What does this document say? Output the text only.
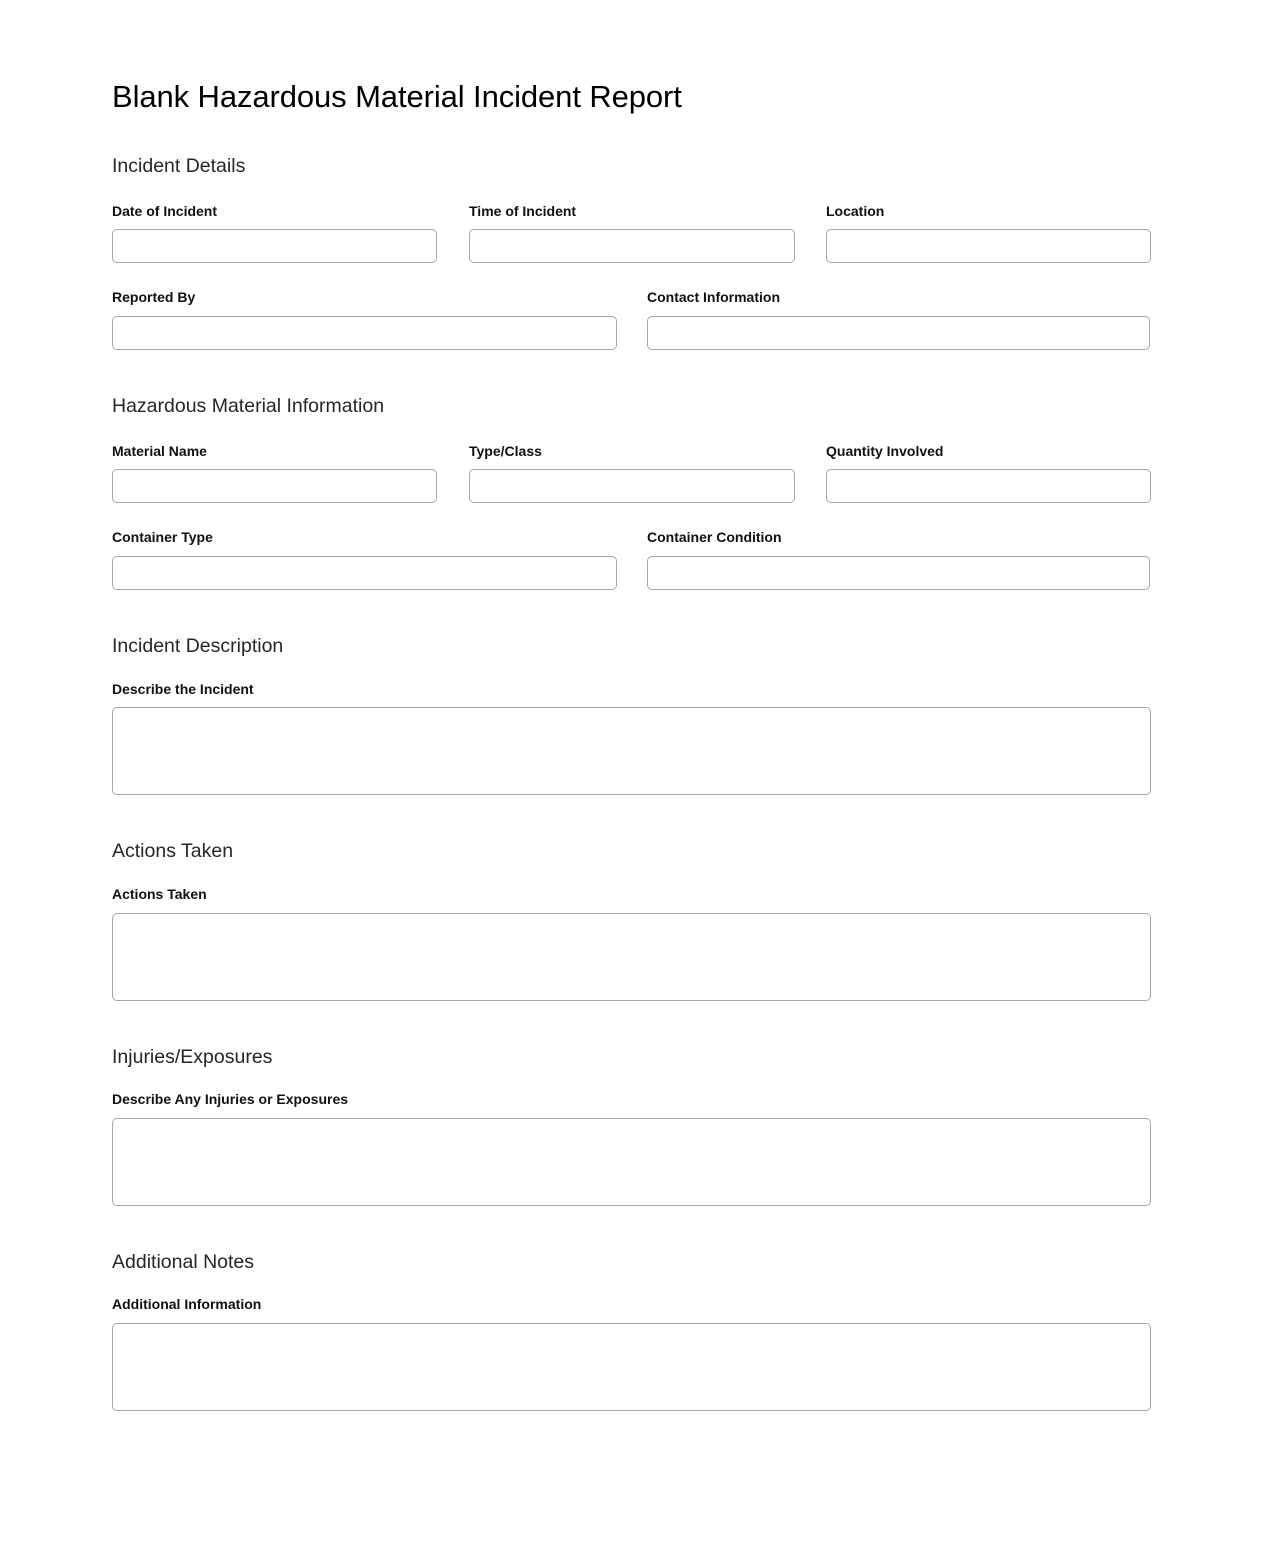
Blank Hazardous Material Incident Report
Incident Details
Date of Incident	Time of Incident	Location
Reported By	Contact Information
Hazardous Material Information
Material Name	Type/Class	Quantity Involved
Container Type	Container Condition
Incident Description
Describe the Incident
Actions Taken
Actions Taken
Injuries/Exposures
Describe Any Injuries or Exposures
Additional Notes
Additional Information
